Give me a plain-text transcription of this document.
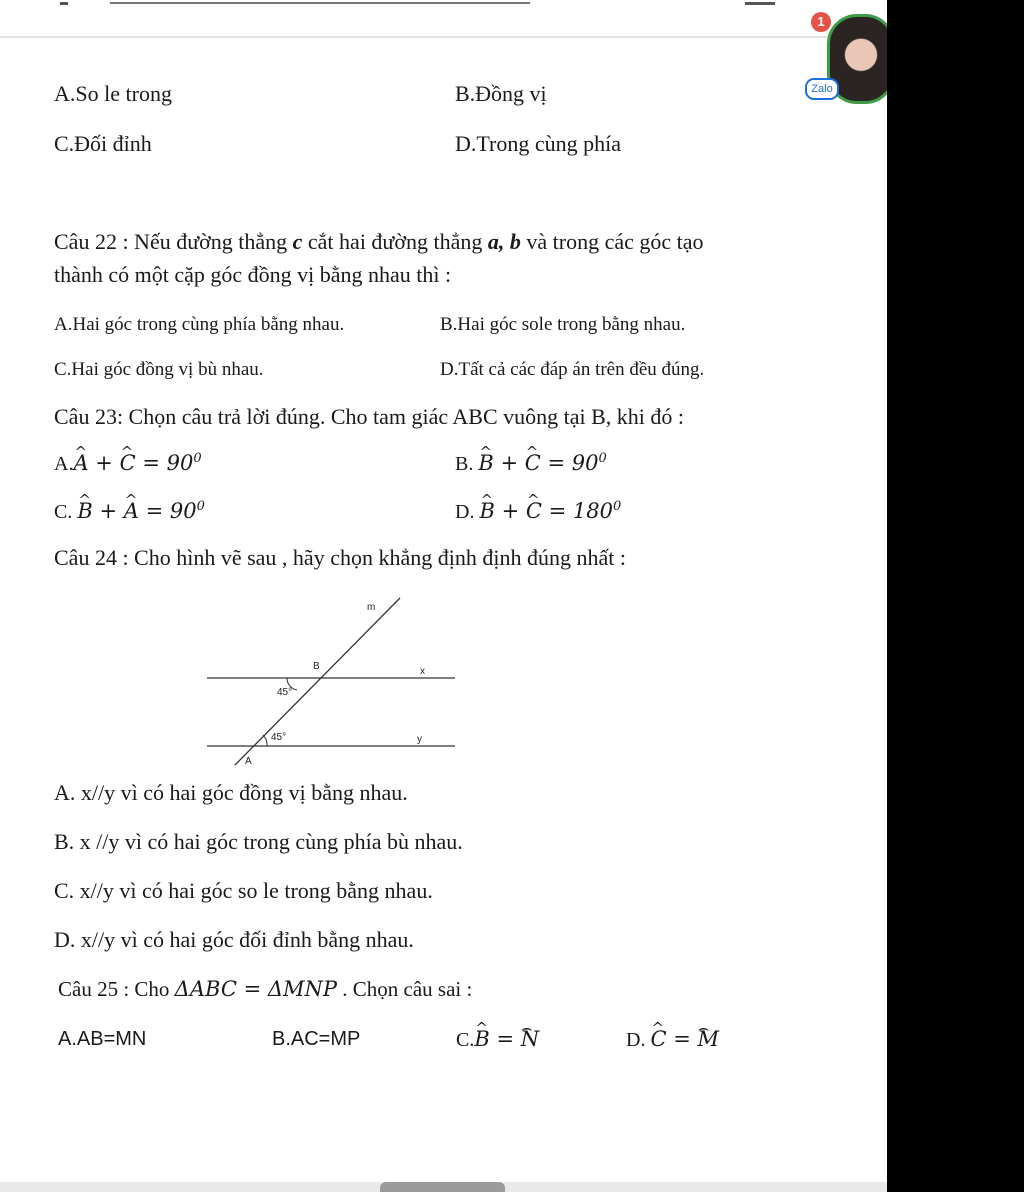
1
Zalo
A.So le trong	B.Đồng vị
C.Đối đỉnh	D.Trong cùng phía
Câu 22 : Nếu đường thẳng c cắt hai đường thẳng a, b và trong các góc tạo
thành có một cặp góc đồng vị bằng nhau thì :
A.Hai góc trong cùng phía bằng nhau.	B.Hai góc sole trong bằng nhau.
C.Hai góc đồng vị bù nhau.	D.Tất cả các đáp án trên đều đúng.
Câu 23: Chọn câu trả lời đúng. Cho tam giác ABC vuông tại B, khi đó :
A.^ A + ^ $C = 90^0$	B. ^ B + ^ $C = 90^0$
C. ^ B + ^ $A = 90^0$	D. ^ B + ^ $C = 180^0$
Câu 24 : Cho hình vẽ sau , hãy chọn khẳng định định đúng nhất :
m
B	x
45°
45°	y
A
A. x//y vì có hai góc đồng vị bằng nhau.
B. x //y vì có hai góc trong cùng phía bù nhau.
C. x//y vì có hai góc so le trong bằng nhau.
D. x//y vì có hai góc đối đỉnh bằng nhau.
Câu 25 : Cho ΔABC = ΔMNP . Chọn câu sai :
A.AB=MN	B.AC=MP	C.^ B = ⌢ N	D. ^ C = ⌢ M
